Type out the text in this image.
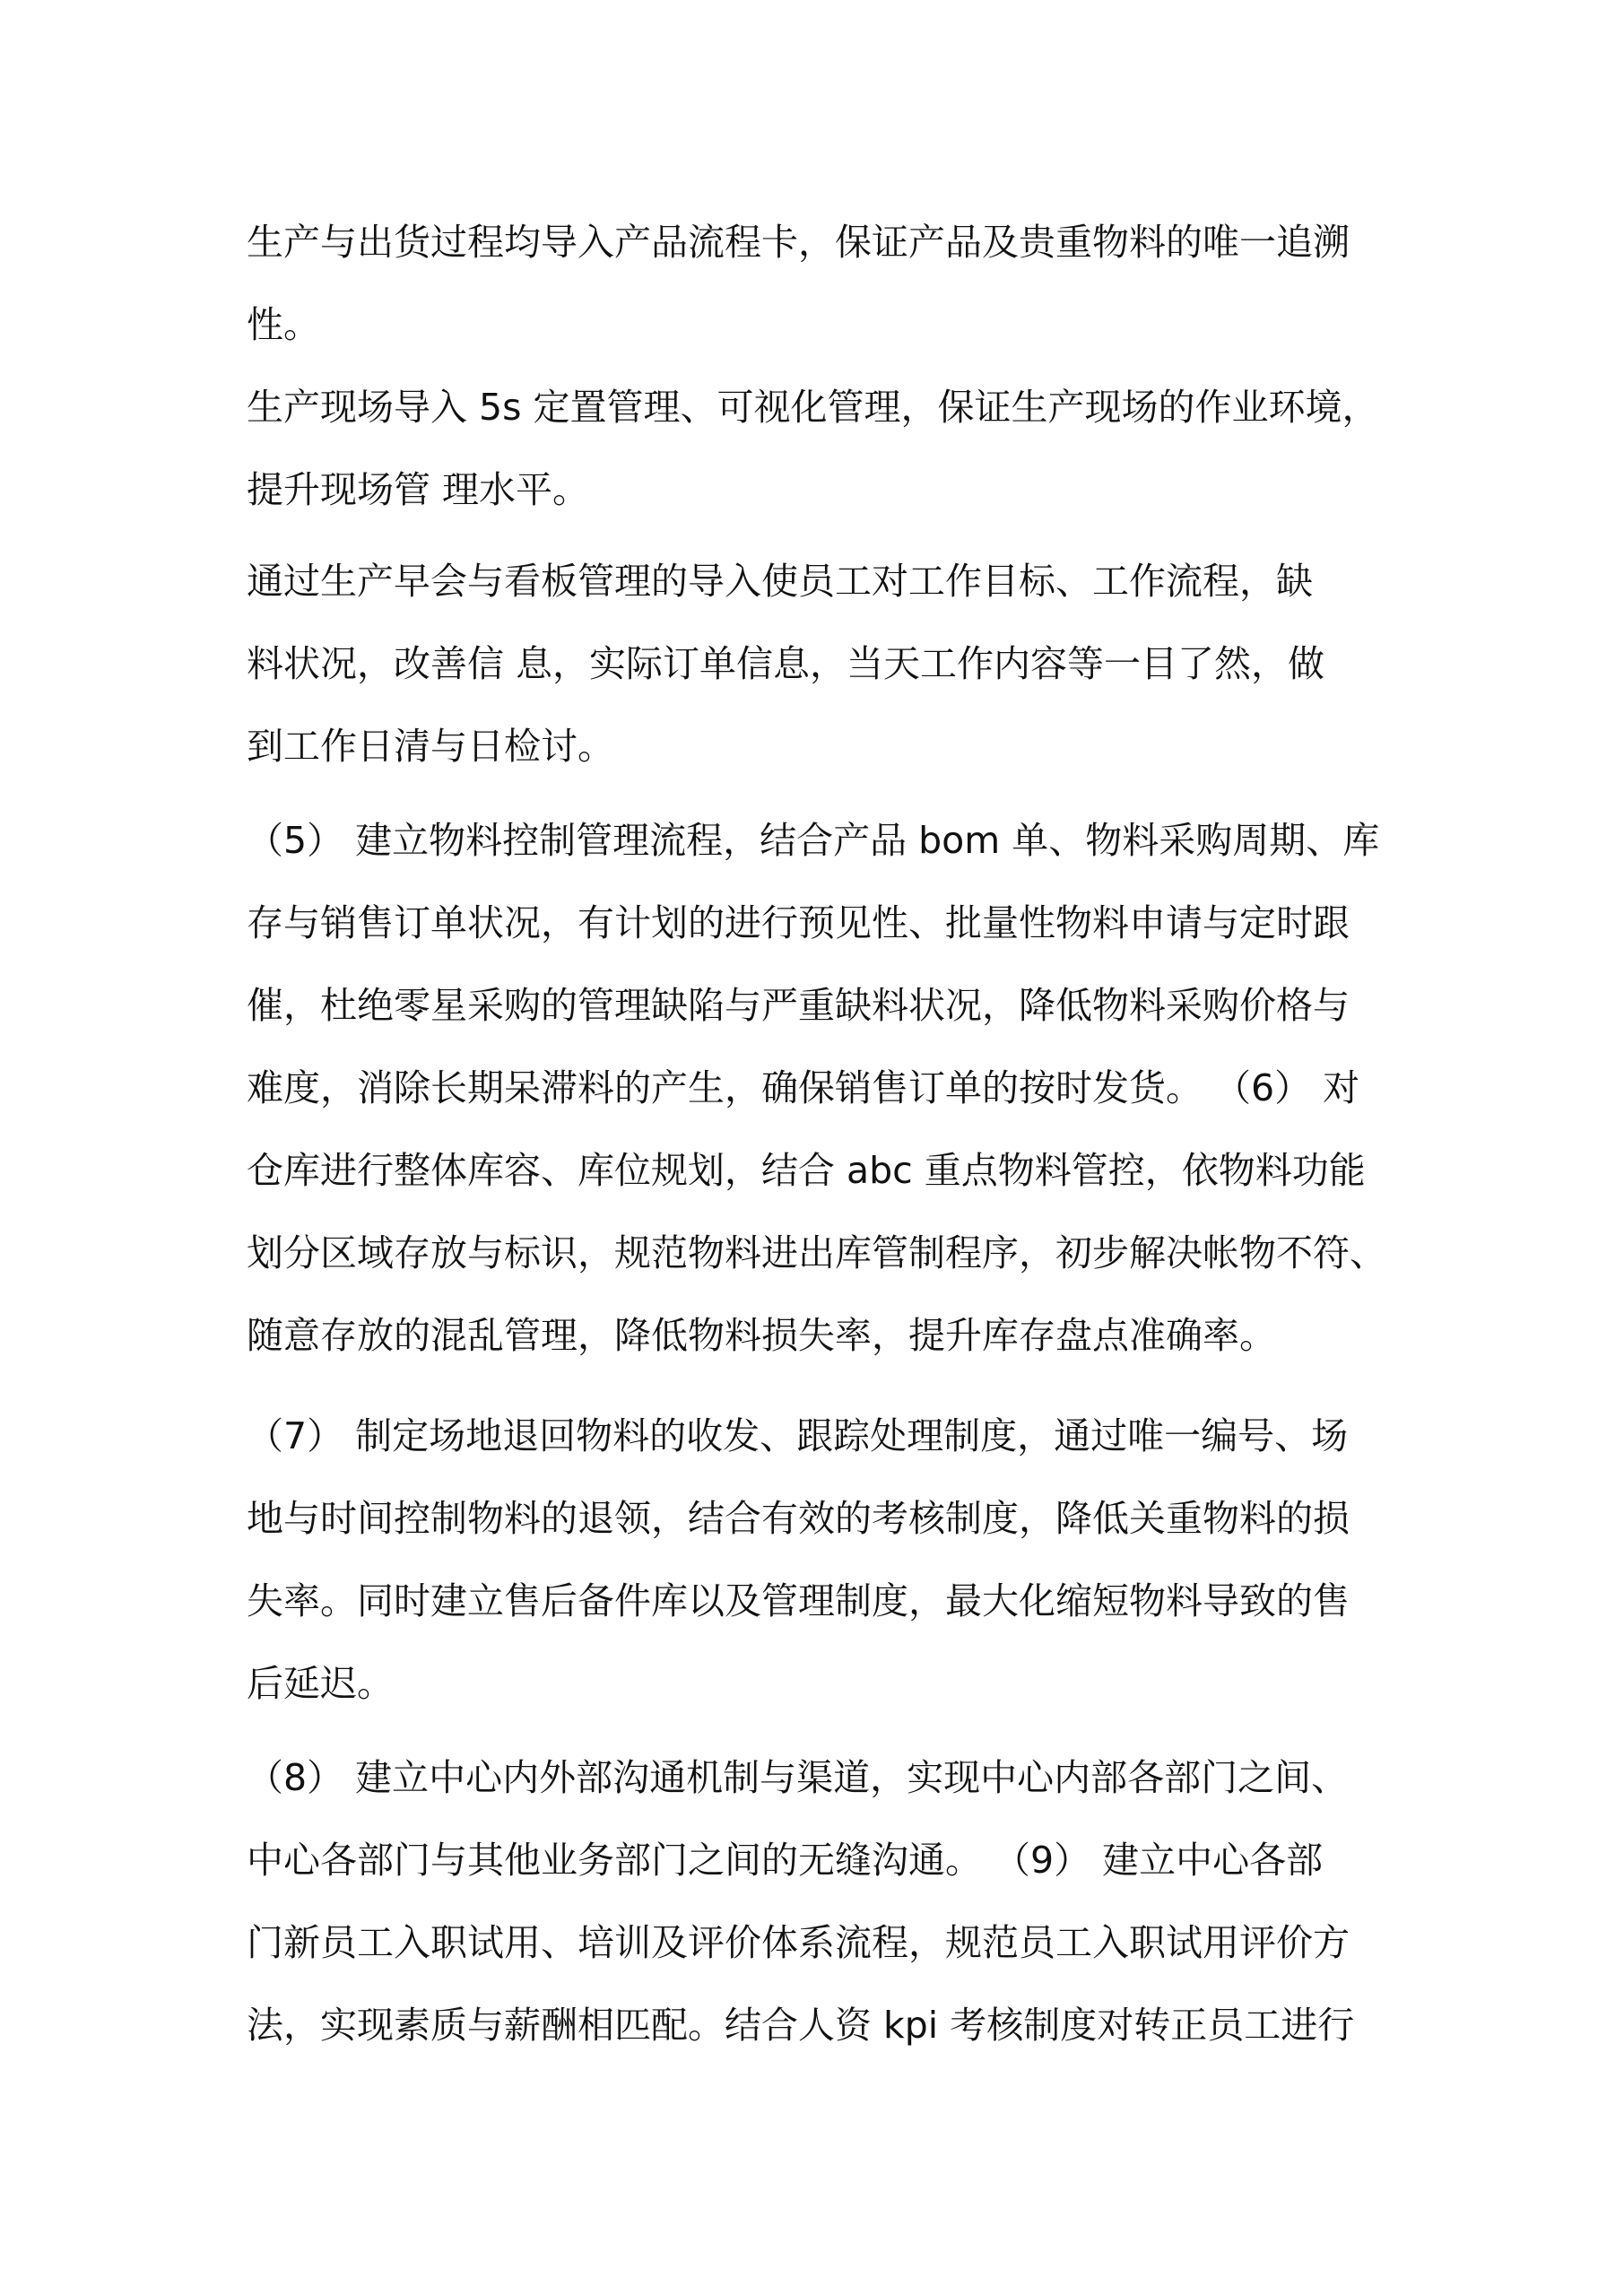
生产与出货过程均导入产品流程卡，保证产品及贵重物料的唯一追溯
性。
生产现场导入 5s 定置管理、可视化管理，保证生产现场的作业环境，
提升现场管 理水平。
通过生产早会与看板管理的导入使员工对工作目标、工作流程，缺
料状况，改善信 息，实际订单信息，当天工作内容等一目了然，做
到工作日清与日检讨。
（5） 建立物料控制管理流程，结合产品 bom 单、物料采购周期、库
存与销售订单状况，有计划的进行预见性、批量性物料申请与定时跟
催，杜绝零星采购的管理缺陷与严重缺料状况，降低物料采购价格与
难度，消除长期呆滞料的产生，确保销售订单的按时发货。 （6） 对
仓库进行整体库容、库位规划，结合 abc 重点物料管控，依物料功能
划分区域存放与标识，规范物料进出库管制程序，初步解决帐物不符、
随意存放的混乱管理，降低物料损失率，提升库存盘点准确率。
（7） 制定场地退回物料的收发、跟踪处理制度，通过唯一编号、场
地与时间控制物料的退领，结合有效的考核制度，降低关重物料的损
失率。同时建立售后备件库以及管理制度，最大化缩短物料导致的售
后延迟。
（8） 建立中心内外部沟通机制与渠道，实现中心内部各部门之间、
中心各部门与其他业务部门之间的无缝沟通。 （9） 建立中心各部
门新员工入职试用、培训及评价体系流程，规范员工入职试用评价方
法，实现素质与薪酬相匹配。结合人资 kpi 考核制度对转正员工进行
